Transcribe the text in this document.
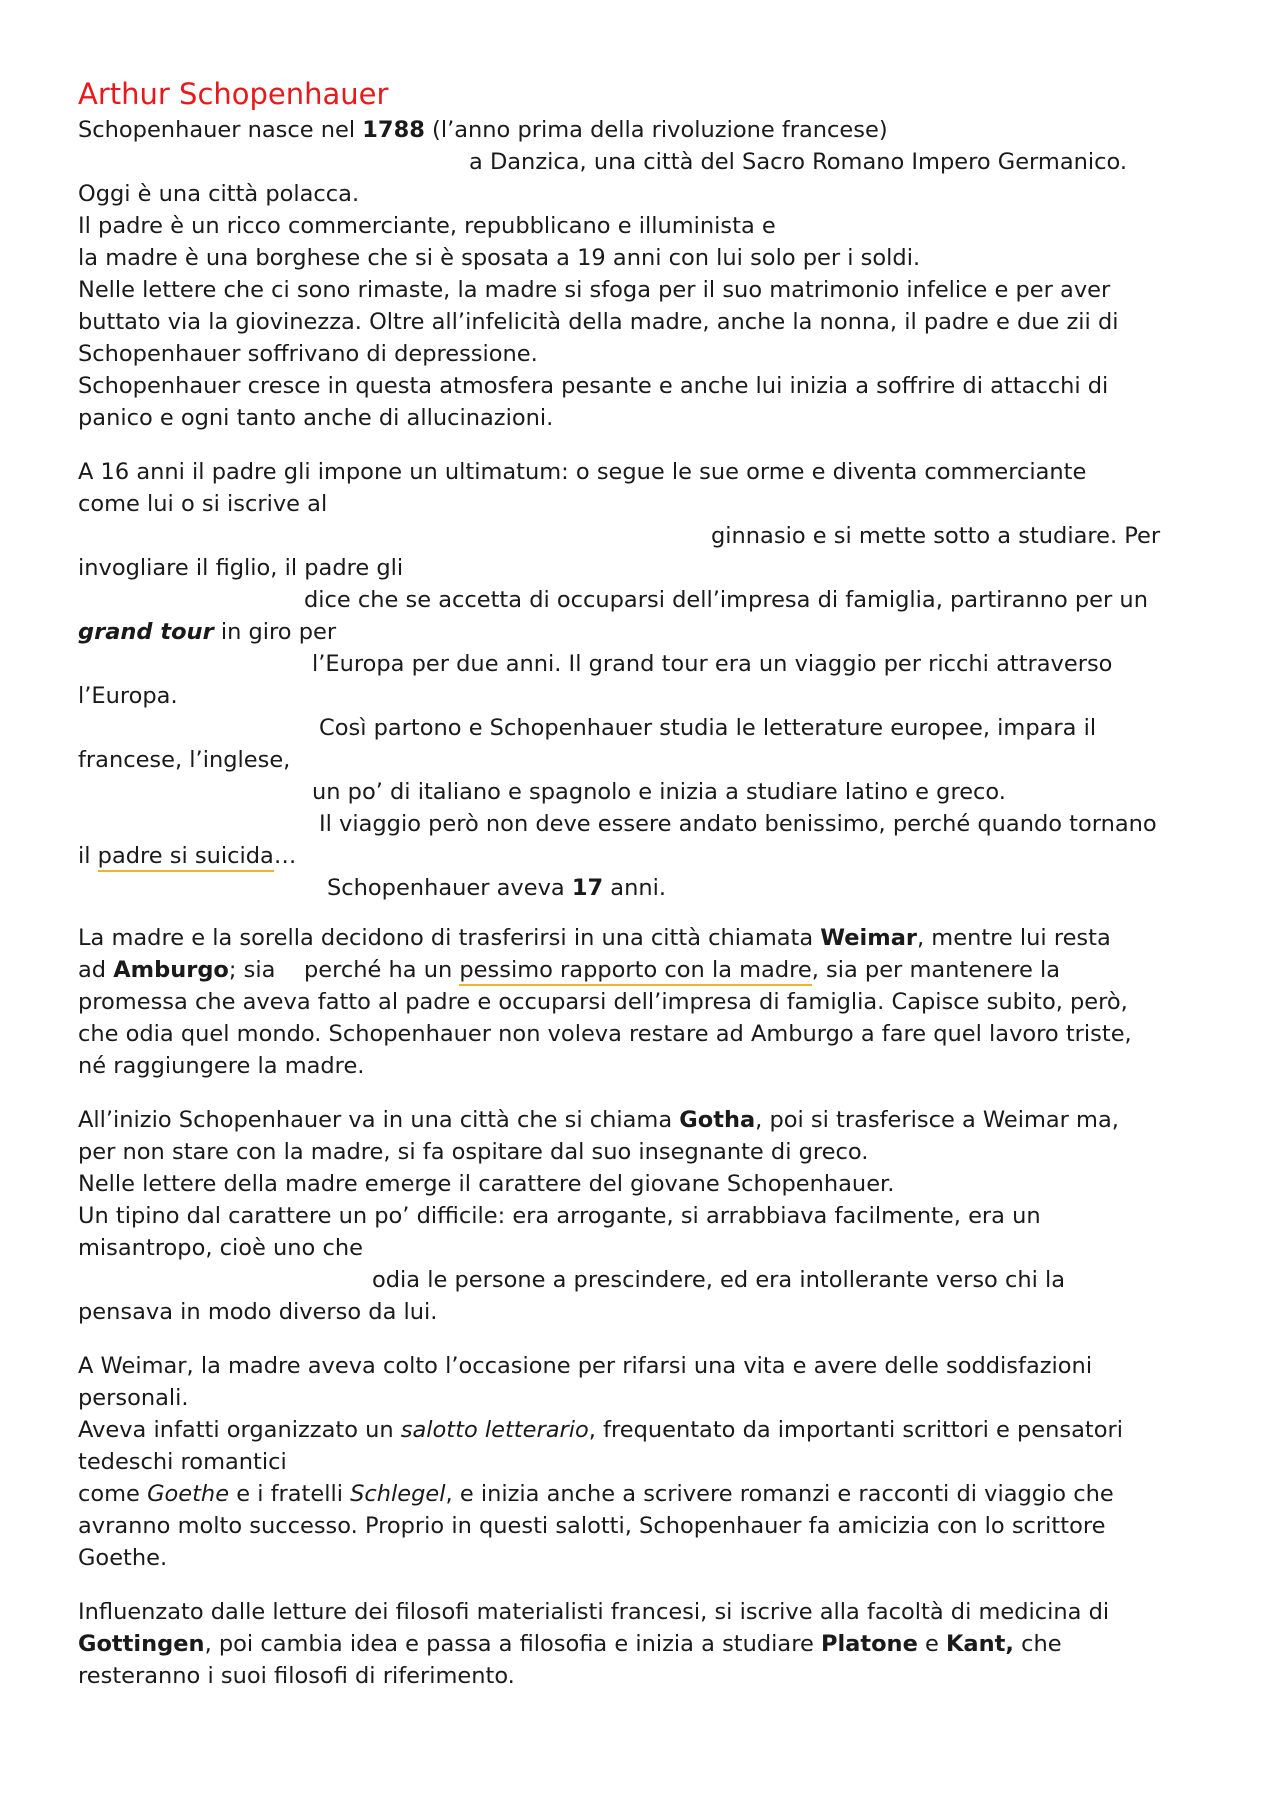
Arthur Schopenhauer
Schopenhauer nasce nel 1788 (l’anno prima della rivoluzione francese)
a Danzica, una città del Sacro Romano Impero Germanico.
Oggi è una città polacca.
Il padre è un ricco commerciante, repubblicano e illuminista e
la madre è una borghese che si è sposata a 19 anni con lui solo per i soldi.
Nelle lettere che ci sono rimaste, la madre si sfoga per il suo matrimonio infelice e per aver
buttato via la giovinezza. Oltre all’infelicità della madre, anche la nonna, il padre e due zii di
Schopenhauer soffrivano di depressione.
Schopenhauer cresce in questa atmosfera pesante e anche lui inizia a soffrire di attacchi di
panico e ogni tanto anche di allucinazioni.
A 16 anni il padre gli impone un ultimatum: o segue le sue orme e diventa commerciante
come lui o si iscrive al
ginnasio e si mette sotto a studiare. Per
invogliare il figlio, il padre gli
dice che se accetta di occuparsi dell’impresa di famiglia, partiranno per un
grand tour in giro per
l’Europa per due anni. Il grand tour era un viaggio per ricchi attraverso
l’Europa.
Così partono e Schopenhauer studia le letterature europee, impara il
francese, l’inglese,
un po’ di italiano e spagnolo e inizia a studiare latino e greco.
Il viaggio però non deve essere andato benissimo, perché quando tornano
il padre si suicida…
Schopenhauer aveva 17 anni.
La madre e la sorella decidono di trasferirsi in una città chiamata Weimar, mentre lui resta
ad Amburgo; sia    perché ha un pessimo rapporto con la madre, sia per mantenere la
promessa che aveva fatto al padre e occuparsi dell’impresa di famiglia. Capisce subito, però,
che odia quel mondo. Schopenhauer non voleva restare ad Amburgo a fare quel lavoro triste,
né raggiungere la madre.
All’inizio Schopenhauer va in una città che si chiama Gotha, poi si trasferisce a Weimar ma,
per non stare con la madre, si fa ospitare dal suo insegnante di greco.
Nelle lettere della madre emerge il carattere del giovane Schopenhauer.
Un tipino dal carattere un po’ difficile: era arrogante, si arrabbiava facilmente, era un
misantropo, cioè uno che
odia le persone a prescindere, ed era intollerante verso chi la
pensava in modo diverso da lui.
A Weimar, la madre aveva colto l’occasione per rifarsi una vita e avere delle soddisfazioni
personali.
Aveva infatti organizzato un salotto letterario, frequentato da importanti scrittori e pensatori
tedeschi romantici
come Goethe e i fratelli Schlegel, e inizia anche a scrivere romanzi e racconti di viaggio che
avranno molto successo. Proprio in questi salotti, Schopenhauer fa amicizia con lo scrittore
Goethe.
Influenzato dalle letture dei filosofi materialisti francesi, si iscrive alla facoltà di medicina di
Gottingen, poi cambia idea e passa a filosofia e inizia a studiare Platone e Kant, che
resteranno i suoi filosofi di riferimento.
